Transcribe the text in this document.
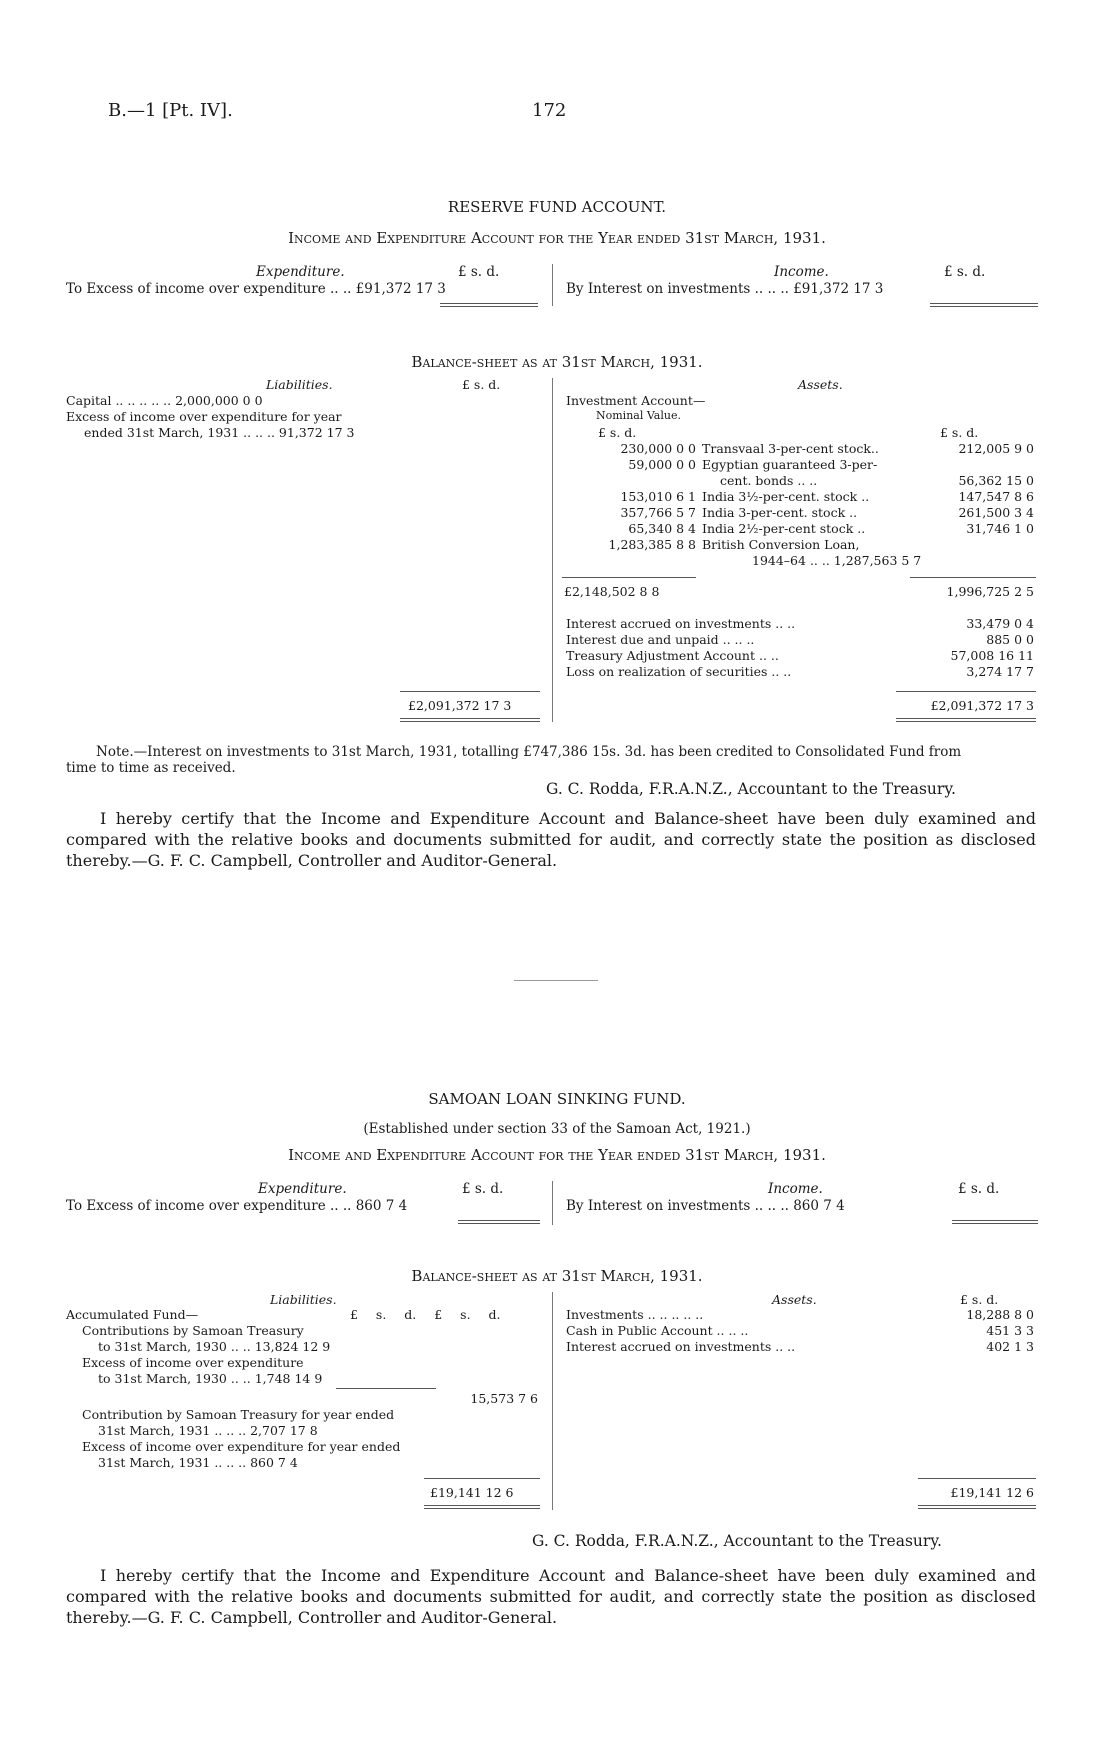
B.—1 [Pt. IV].	172
RESERVE FUND ACCOUNT.
Income and Expenditure Account for the Year ended 31st March, 1931.
Expenditure.	£ s. d.
To Excess of income over expenditure .. .. £91,372 17 3
Income.	£ s. d.
By Interest on investments .. .. .. £91,372 17 3
Balance-sheet as at 31st March, 1931.
Liabilities.	£ s. d.
Capital .. .. .. .. .. 2,000,000 0 0
Excess of income over expenditure for year
ended 31st March, 1931 .. .. .. 91,372 17 3
£2,091,372 17 3
Assets.
Investment Account—
Nominal Value.
£ s. d.	£ s. d.
230,000 0 0 Transvaal 3-per-cent stock..	212,005 9 0
59,000 0 0 Egyptian guaranteed 3-per-
cent. bonds .. ..	56,362 15 0
153,010 6 1 India 3½-per-cent. stock ..	147,547 8 6
357,766 5 7 India 3-per-cent. stock ..	261,500 3 4
65,340 8 4 India 2½-per-cent stock ..	31,746 1 0
1,283,385 8 8 British Conversion Loan,
1944–64 .. .. 1,287,563 5 7
£2,148,502 8 8	1,996,725 2 5
Interest accrued on investments .. ..	33,479 0 4
Interest due and unpaid .. .. ..	885 0 0
Treasury Adjustment Account .. ..	57,008 16 11
Loss on realization of securities .. ..	3,274 17 7
£2,091,372 17 3
Note.—Interest on investments to 31st March, 1931, totalling £747,386 15s. 3d. has been credited to Consolidated Fund from
time to time as received.
G. C. Rodda, F.R.A.N.Z., Accountant to the Treasury.
I hereby certify that the Income and Expenditure Account and Balance-sheet have been duly examined and compared with the relative books and documents submitted for audit, and correctly state the position as disclosed thereby.—G. F. C. Campbell, Controller and Auditor-General.
SAMOAN LOAN SINKING FUND.
(Established under section 33 of the Samoan Act, 1921.)
Income and Expenditure Account for the Year ended 31st March, 1931.
Expenditure.	£ s. d.
To Excess of income over expenditure .. .. 860 7 4
Income.	£ s. d.
By Interest on investments .. .. .. 860 7 4
Balance-sheet as at 31st March, 1931.
Liabilities.
£ s. d. £ s. d.
Accumulated Fund—
Contributions by Samoan Treasury
to 31st March, 1930 .. .. 13,824 12 9
Excess of income over expenditure
to 31st March, 1930 .. .. 1,748 14 9
15,573 7 6
Contribution by Samoan Treasury for year ended
31st March, 1931 .. .. .. 2,707 17 8
Excess of income over expenditure for year ended
31st March, 1931 .. .. .. 860 7 4
£19,141 12 6
Assets.	£ s. d.
Investments .. .. .. .. ..	18,288 8 0
Cash in Public Account .. .. ..	451 3 3
Interest accrued on investments .. ..	402 1 3
£19,141 12 6
G. C. Rodda, F.R.A.N.Z., Accountant to the Treasury.
I hereby certify that the Income and Expenditure Account and Balance-sheet have been duly examined and compared with the relative books and documents submitted for audit, and correctly state the position as disclosed thereby.—G. F. C. Campbell, Controller and Auditor-General.
